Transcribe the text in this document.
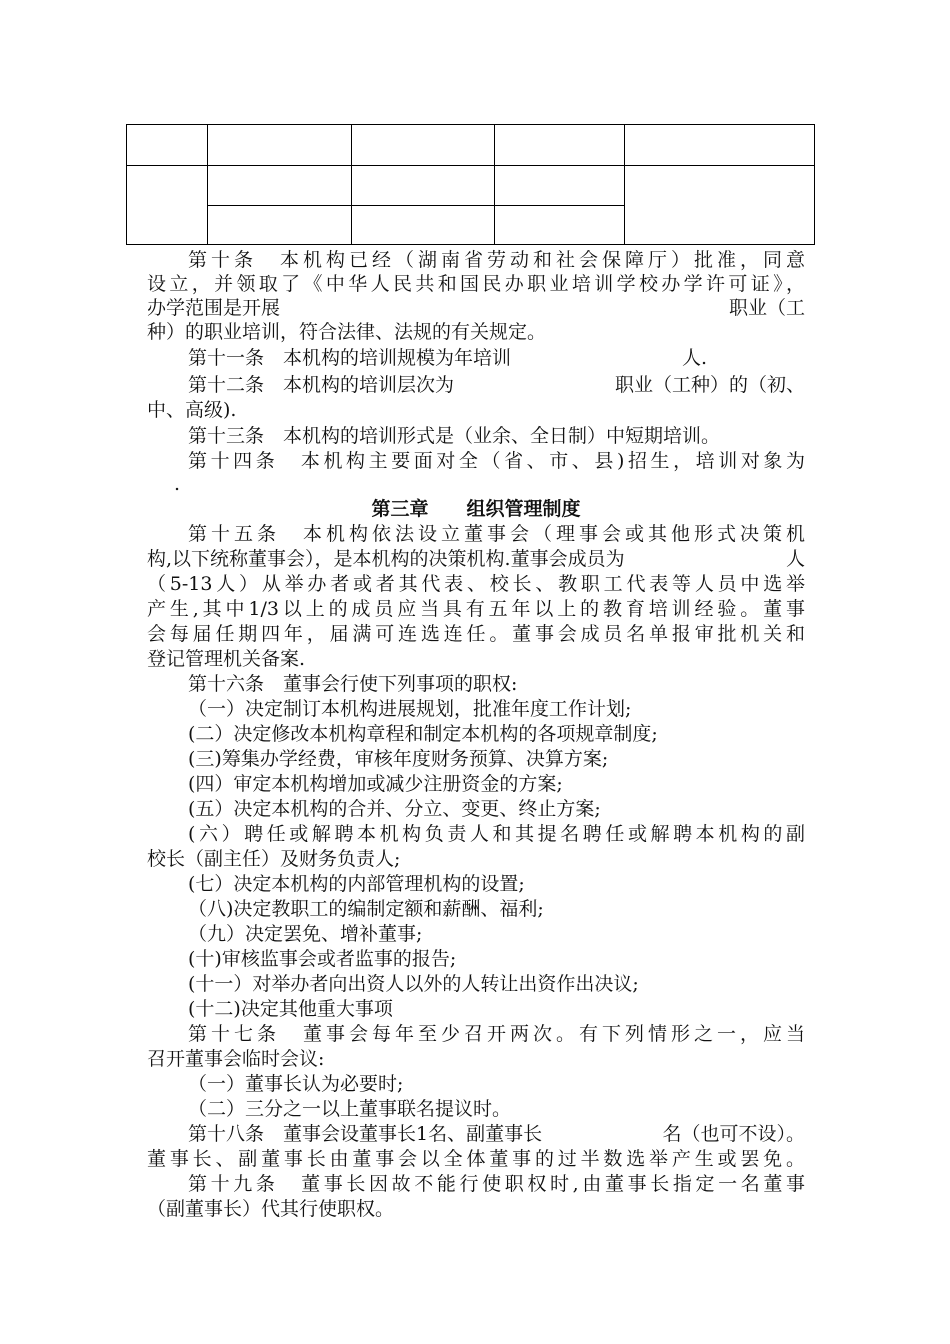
第十条　本机构已经（湖南省劳动和社会保障厅）批准，同意
设立，并领取了《中华人民共和国民办职业培训学校办学许可证》，
办学范围是开展	职业（工
种）的职业培训，符合法律、法规的有关规定。
第十一条　本机构的培训规模为年培训	人.
第十二条　本机构的培训层次为	职业（工种）的（初、
中、高级).
第十三条　本机构的培训形式是（业余、全日制）中短期培训。
第十四条　本机构主要面对全（省、市、县)招生，培训对象为
.
第三章　　组织管理制度
第十五条　本机构依法设立董事会（理事会或其他形式决策机
构,以下统称董事会），是本机构的决策机构.董事会成员为	人
（5-13人）从举办者或者其代表、校长、教职工代表等人员中选举
产生,其中1/3以上的成员应当具有五年以上的教育培训经验。董事
会每届任期四年，届满可连选连任。董事会成员名单报审批机关和
登记管理机关备案.
第十六条　董事会行使下列事项的职权:
（一）决定制订本机构进展规划，批准年度工作计划;
(二）决定修改本机构章程和制定本机构的各项规章制度;
(三)筹集办学经费，审核年度财务预算、决算方案;
(四）审定本机构增加或减少注册资金的方案;
(五）决定本机构的合并、分立、变更、终止方案;
(六）聘任或解聘本机构负责人和其提名聘任或解聘本机构的副
校长（副主任）及财务负责人;
(七）决定本机构的内部管理机构的设置;
（八)决定教职工的编制定额和薪酬、福利;
（九）决定罢免、增补董事;
(十)审核监事会或者监事的报告;
(十一）对举办者向出资人以外的人转让出资作出决议;
(十二)决定其他重大事项
第十七条　董事会每年至少召开两次。有下列情形之一，应当
召开董事会临时会议:
（一）董事长认为必要时;
（二）三分之一以上董事联名提议时。
第十八条　董事会设董事长1名、副董事长	名（也可不设）。
董事长、副董事长由董事会以全体董事的过半数选举产生或罢免。
第十九条　董事长因故不能行使职权时,由董事长指定一名董事
（副董事长）代其行使职权。
